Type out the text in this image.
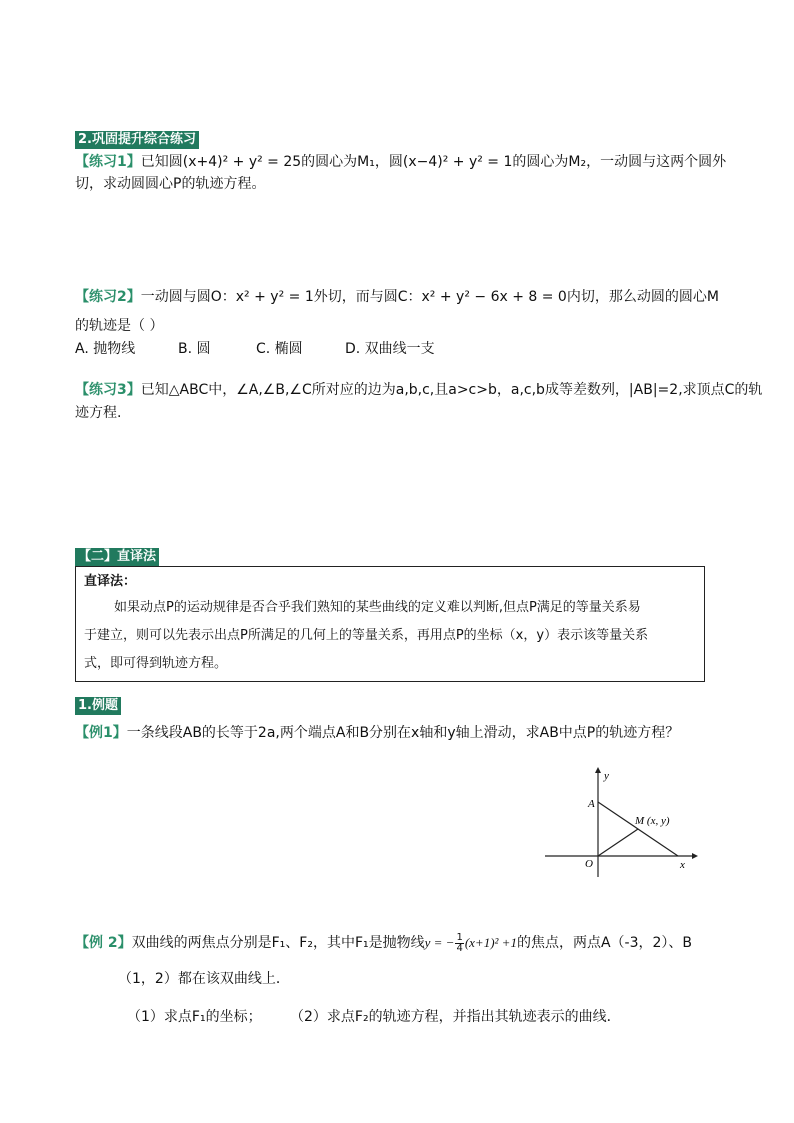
2.巩固提升综合练习
【练习1】已知圆(x+4)² + y² = 25的圆心为M₁，圆(x−4)² + y² = 1的圆心为M₂，一动圆与这两个圆外
切，求动圆圆心P的轨迹方程。
【练习2】一动圆与圆O：x² + y² = 1外切，而与圆C：x² + y² − 6x + 8 = 0内切，那么动圆的圆心M
的轨迹是（ ）
A. 抛物线	B. 圆	C. 椭圆	D. 双曲线一支
【练习3】已知△ABC中，∠A,∠B,∠C所对应的边为a,b,c,且a>c>b，a,c,b成等差数列，|AB|=2,求顶点C的轨
迹方程.
【二】直译法
直译法：
如果动点P的运动规律是否合乎我们熟知的某些曲线的定义难以判断,但点P满足的等量关系易
于建立，则可以先表示出点P所满足的几何上的等量关系，再用点P的坐标（x，y）表示该等量关系
式，即可得到轨迹方程。
1.例题
【例1】一条线段AB的长等于2a,两个端点A和B分别在x轴和y轴上滑动，求AB中点P的轨迹方程？
y
A
O	x
M (x, y)
【例 2】双曲线的两焦点分别是F₁、F₂，其中F₁是抛物线y = − $\frac{1}{4} (x+1)^2 +1$的焦点，两点A（-3，2）、B
（1，2）都在该双曲线上．
（1）求点F₁的坐标； （2）求点F₂的轨迹方程，并指出其轨迹表示的曲线．
